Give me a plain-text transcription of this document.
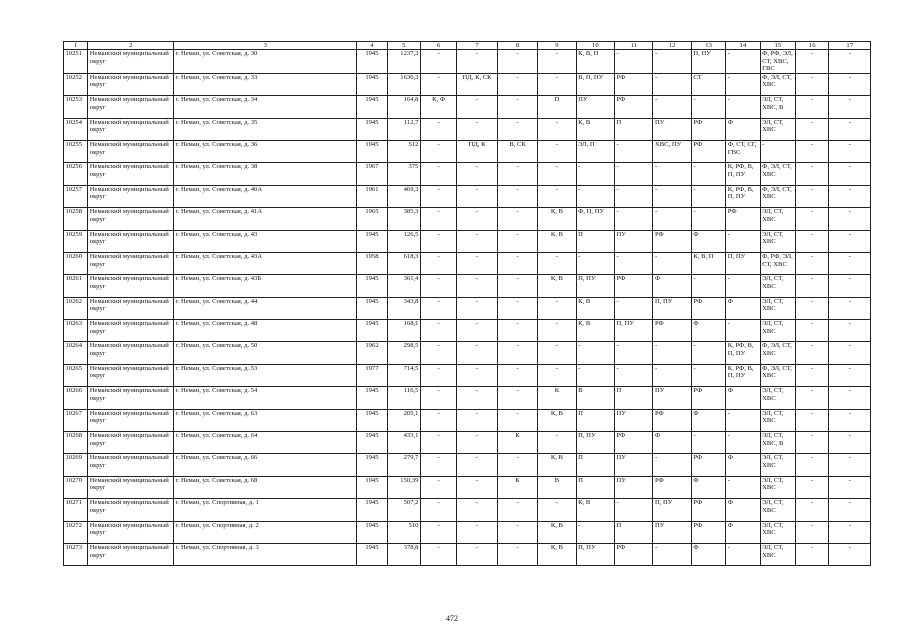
1	2	3	4	5	6	7	8	9	10	11	12	13	14	15	16	17
10251	Неманский муниципальный округ	г. Неман, ул. Советская, д. 30	1945	1237,3	-	-	-	-	К, В, П	-	-	П, ПУ	-	Ф, РФ, ЭЛ, СТ, ХВС, ГВС	-	-
10252	Неманский муниципальный округ	г. Неман, ул. Советская, д. 33	1945	1630,3	-	ПД, К, СК	-	-	В, П, ПУ	РФ	-	СТ	-	Ф, ЭЛ, СТ, ХВС	-	-
10253	Неманский муниципальный округ	г. Неман, ул. Советская, д. 34	1945	164,8	К, Ф	-	-	П	ПУ	РФ	-	-	-	ЭЛ, СТ, ХВС, В	-	-
10254	Неманский муниципальный округ	г. Неман, ул. Советская, д. 35	1945	112,7	-	-	-	-	К, В	П	ПУ	РФ	Ф	ЭЛ, СТ, ХВС	-	-
10255	Неманский муниципальный округ	г. Неман, ул. Советская, д. 36	1945	512	-	ПД, К	В, СК	-	ЭЛ, П	-	ХВС, ПУ	РФ	Ф, СТ, СГ, ГВС	-	-	-
10256	Неманский муниципальный округ	г. Неман, ул. Советская, д. 38	1967	375	-	-	-	-	-	-	-	-	К, РФ, В, П, ПУ	Ф, ЭЛ, СТ, ХВС	-	-
10257	Неманский муниципальный округ	г. Неман, ул. Советская, д. 40А	1961	469,3	-	-	-	-	-	-	-	-	К, РФ, В, П, ПУ	Ф, ЭЛ, СТ, ХВС	-	-
10258	Неманский муниципальный округ	г. Неман, ул. Советская, д. 41А	1965	385,3	-	-	-	К, В	Ф, П, ПУ	-	-	-	РФ	ЭЛ, СТ, ХВС	-	-
10259	Неманский муниципальный округ	г. Неман, ул. Советская, д. 43	1945	126,5	-	-	-	К, В	П	ПУ	РФ	Ф	-	ЭЛ, СТ, ХВС	-	-
10260	Неманский муниципальный округ	г. Неман, ул. Советская, д. 43А	1958	618,3	-	-	-	-	-	-	-	К, В, П	П, ПУ	Ф, РФ, ЭЛ, СТ, ХВС	-	-
10261	Неманский муниципальный округ	г. Неман, ул. Советская, д. 43Б	1945	361,4	-	-	-	К, В	П, ПУ	РФ	Ф	-	-	ЭЛ, СТ, ХВС	-	-
10262	Неманский муниципальный округ	г. Неман, ул. Советская, д. 44	1945	343,8	-	-	-	-	К, В	-	П, ПУ	РФ	Ф	ЭЛ, СТ, ХВС	-	-
10263	Неманский муниципальный округ	г. Неман, ул. Советская, д. 48	1945	168,1	-	-	-	-	К, В	П, ПУ	РФ	Ф	-	ЭЛ, СТ, ХВС	-	-
10264	Неманский муниципальный округ	г. Неман, ул. Советская, д. 50	1962	298,5	-	-	-	-	-	-	-	-	К, РФ, В, П, ПУ	Ф, ЭЛ, СТ, ХВС	-	-
10265	Неманский муниципальный округ	г. Неман, ул. Советская, д. 53	1977	714,5	-	-	-	-	-	-	-	-	К, РФ, В, П, ПУ	Ф, ЭЛ, СТ, ХВС	-	-
10266	Неманский муниципальный округ	г. Неман, ул. Советская, д. 54	1945	116,5	-	-	-	К	В	П	ПУ	РФ	Ф	ЭЛ, СТ, ХВС	-	-
10267	Неманский муниципальный округ	г. Неман, ул. Советская, д. 63	1945	205,1	-	-	-	К, В	П	ПУ	РФ	Ф	-	ЭЛ, СТ, ХВС	-	-
10268	Неманский муниципальный округ	г. Неман, ул. Советская, д. 64	1945	433,1	-	-	К	-	П, ПУ	РФ	Ф	-	-	ЭЛ, СТ, ХВС, В	-	-
10269	Неманский муниципальный округ	г. Неман, ул. Советская, д. 66	1945	279,7	-	-	-	К, В	П	ПУ	-	РФ	Ф	ЭЛ, СТ, ХВС	-	-
10270	Неманский муниципальный округ	г. Неман, ул. Советская, д. 68	1945	150,39	-	-	К	В	П	ПУ	РФ	Ф	-	ЭЛ, СТ, ХВС	-	-
10271	Неманский муниципальный округ	г. Неман, ул. Спортивная, д. 1	1945	507,2	-	-	-	-	К, В	-	П, ПУ	РФ	Ф	ЭЛ, СТ, ХВС	-	-
10272	Неманский муниципальный округ	г. Неман, ул. Спортивная, д. 2	1945	510	-	-	-	К, В	-	П	ПУ	РФ	Ф	ЭЛ, СТ, ХВС	-	-
10273	Неманский муниципальный округ	г. Неман, ул. Спортивная, д. 3	1945	378,8	-	-	-	К, В	П, ПУ	РФ	-	Ф	-	ЭЛ, СТ, ХВС	-	-
472
